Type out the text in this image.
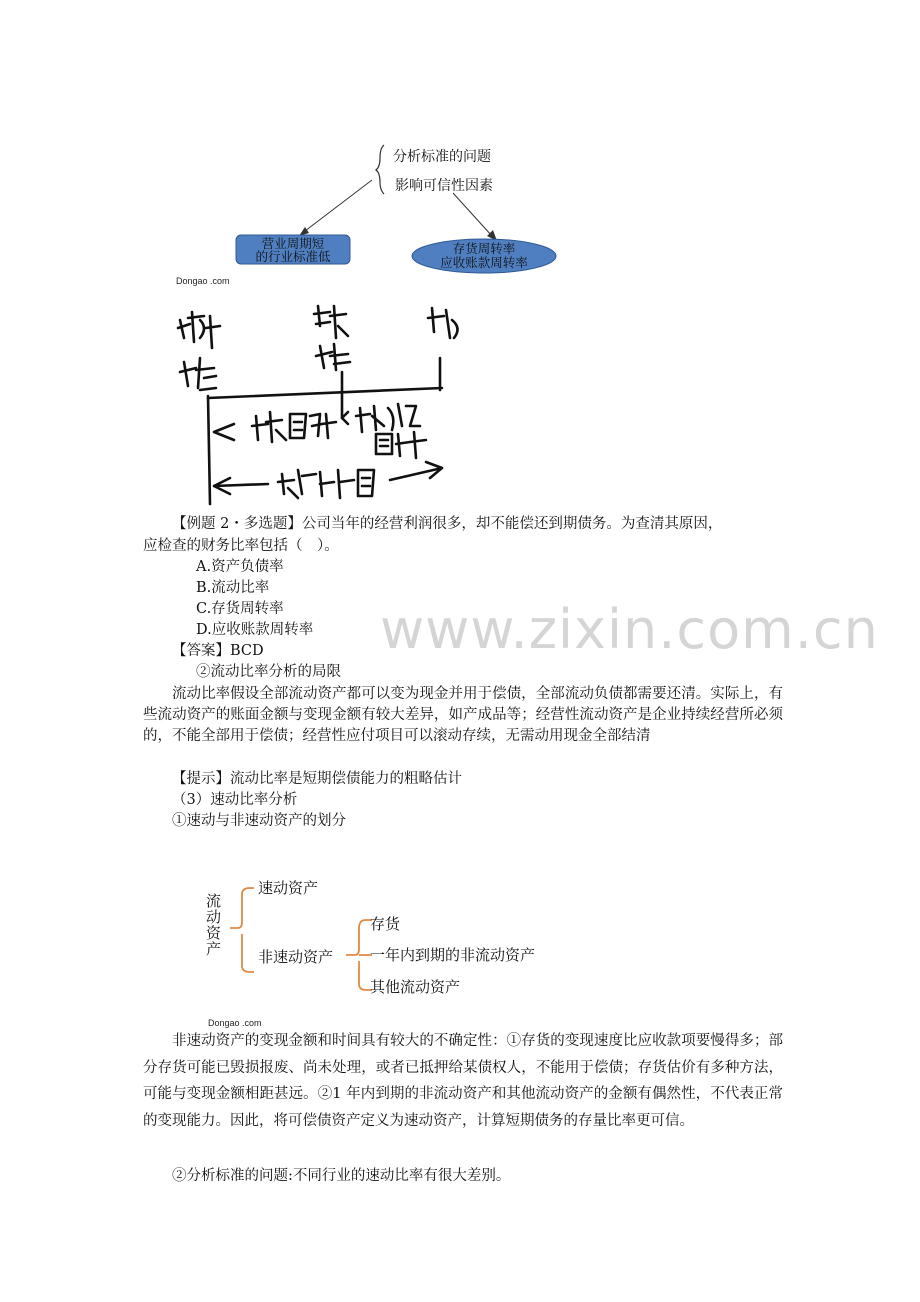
分析标准的问题
影响可信性因素
营业周期短
的行业标准低
存货周转率
应收账款周转率
Dongao .com
【例题 2・多选题】公司当年的经营利润很多，却不能偿还到期债务。为查清其原因，
应检查的财务比率包括（　）。
A.资产负债率
B.流动比率
C.存货周转率
D.应收账款周转率
【答案】BCD
②流动比率分析的局限
流动比率假设全部流动资产都可以变为现金并用于偿债，全部流动负债都需要还清。实际上，有些流动资产的账面金额与变现金额有较大差异，如产成品等；经营性流动资产是企业持续经营所必须的，不能全部用于偿债；经营性应付项目可以滚动存续，无需动用现金全部结清
【提示】流动比率是短期偿债能力的粗略估计
（3）速动比率分析
①速动与非速动资产的划分
流
动
资
产
速动资产
非速动资产
存货
一年内到期的非流动资产
其他流动资产
Dongao .com
非速动资产的变现金额和时间具有较大的不确定性：①存货的变现速度比应收款项要慢得多；部分存货可能已毁损报废、尚未处理，或者已抵押给某债权人，不能用于偿债；存货估价有多种方法，可能与变现金额相距甚远。②1 年内到期的非流动资产和其他流动资产的金额有偶然性，不代表正常的变现能力。因此，将可偿债资产定义为速动资产，计算短期债务的存量比率更可信。
②分析标准的问题:不同行业的速动比率有很大差别。
www.zixin.com.cn
